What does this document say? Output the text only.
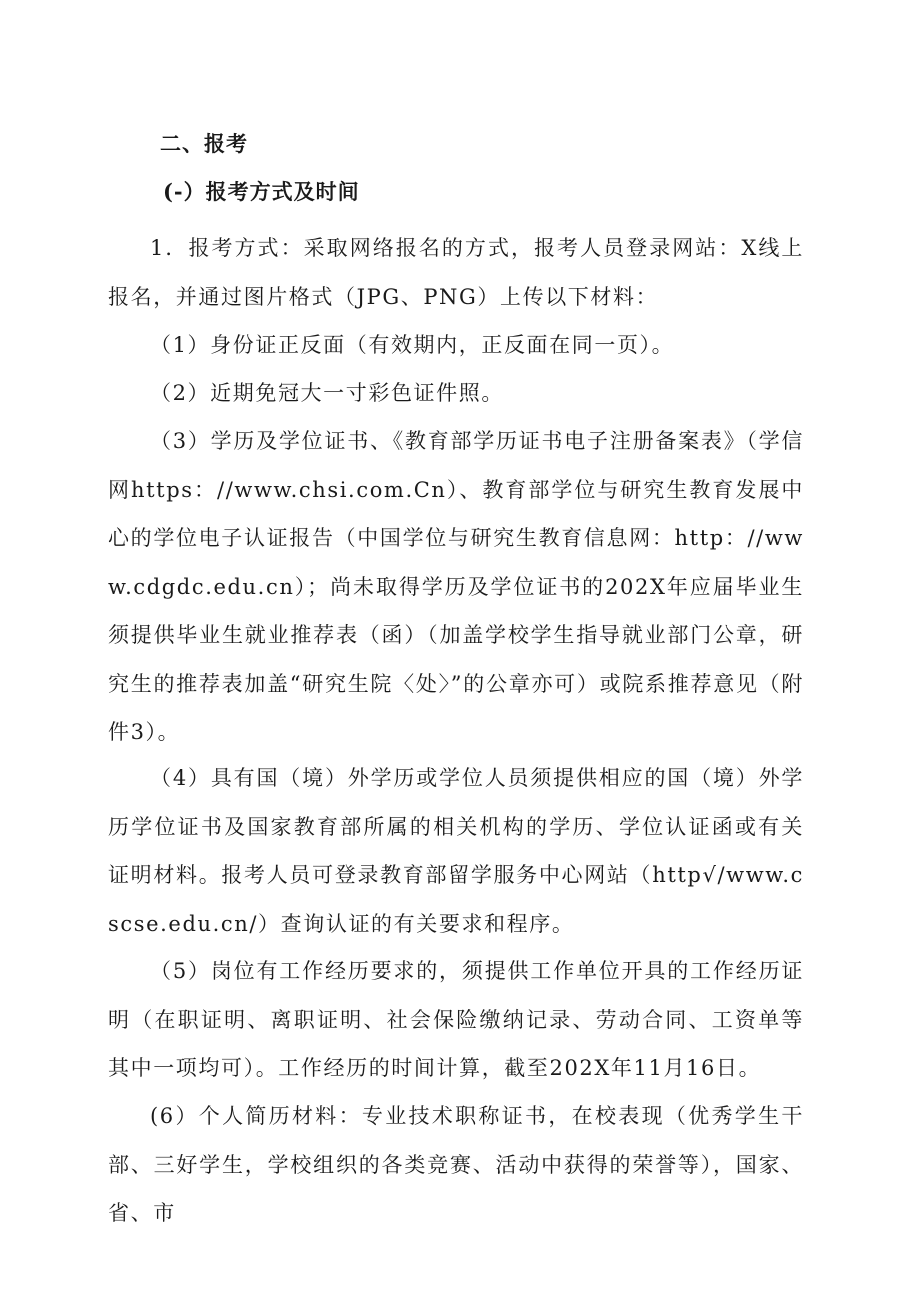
二、报考
(-）报考方式及时间

1．报考方式：采取网络报名的方式，报考人员登录网站：X线上报名，并通过图片格式（JPG、PNG）上传以下材料：

（1）身份证正反面（有效期内，正反面在同一页）。

（2）近期免冠大一寸彩色证件照。

（3）学历及学位证书、《教育部学历证书电子注册备案表》（学信网https：//www.chsi.com.Cn）、教育部学位与研究生教育发展中心的学位电子认证报告（中国学位与研究生教育信息网：http：//www.cdgdc.edu.cn）；尚未取得学历及学位证书的202X年应届毕业生须提供毕业生就业推荐表（函）（加盖学校学生指导就业部门公章，研究生的推荐表加盖“研究生院〈处〉”的公章亦可）或院系推荐意见（附件3）。

（4）具有国（境）外学历或学位人员须提供相应的国（境）外学历学位证书及国家教育部所属的相关机构的学历、学位认证函或有关证明材料。报考人员可登录教育部留学服务中心网站（http√/www.cscse.edu.cn/）查询认证的有关要求和程序。

（5）岗位有工作经历要求的，须提供工作单位开具的工作经历证明（在职证明、离职证明、社会保险缴纳记录、劳动合同、工资单等其中一项均可）。工作经历的时间计算，截至202X年11月16日。

(6）个人简历材料：专业技术职称证书，在校表现（优秀学生干部、三好学生，学校组织的各类竞赛、活动中获得的荣誉等），国家、省、市
